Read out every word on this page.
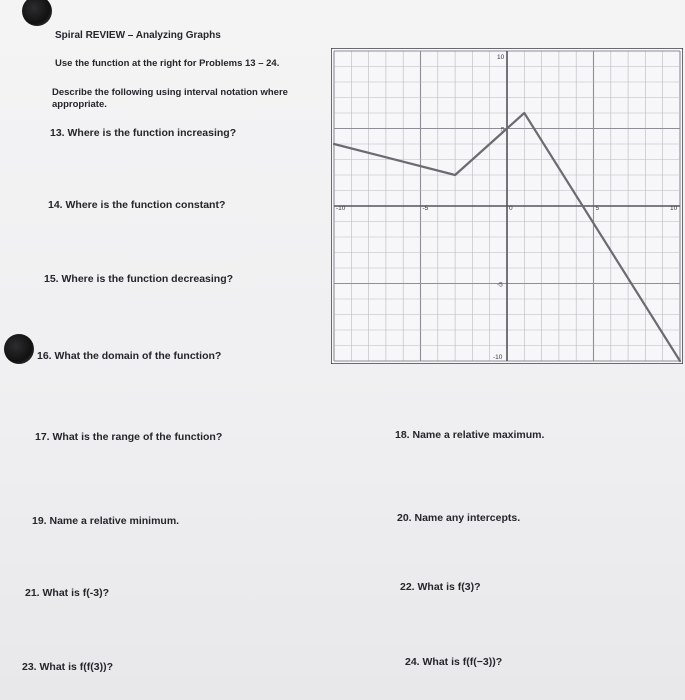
Spiral REVIEW – Analyzing Graphs
Use the function at the right for Problems 13 – 24.
Describe the following using interval notation where appropriate.
13. Where is the function increasing?
14. Where is the function constant?
15. Where is the function decreasing?
16. What the domain of the function?
17. What is the range of the function?	18. Name a relative maximum.
19. Name a relative minimum.	20. Name any intercepts.
21. What is f(-3)?	22. What is f(3)?
23. What is f(f(3))?	24. What is f(f(−3))?
-10	-5	0	5	10
10
5
-5
-10
